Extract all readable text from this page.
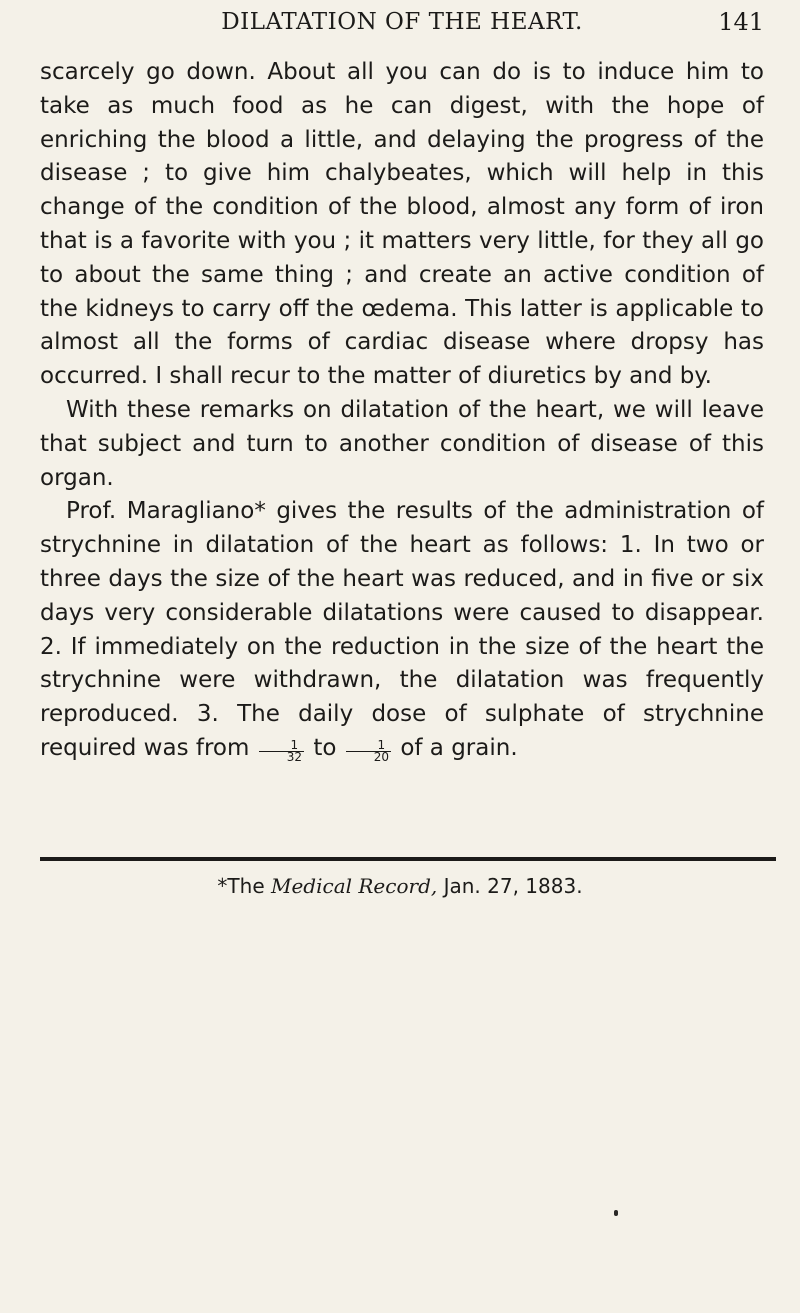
DILATATION OF THE HEART.	141

scarcely go down. About all you can do is to induce him to take as much food as he can digest, with the hope of enriching the blood a little, and delaying the progress of the disease ; to give him chalybeates, which will help in this change of the condition of the blood, almost any form of iron that is a favorite with you ; it matters very little, for they all go to about the same thing ; and create an active condition of the kidneys to carry off the œdema. This latter is applicable to almost all the forms of cardiac disease where dropsy has occurred. I shall recur to the matter of diuretics by and by.

With these remarks on dilatation of the heart, we will leave that subject and turn to another condition of disease of this organ.

Prof. Maragliano* gives the results of the administration of strychnine in dilatation of the heart as follows: 1. In two or three days the size of the heart was reduced, and in five or six days very considerable dilatations were caused to disappear. 2. If immediately on the reduction in the size of the heart the strychnine were withdrawn, the dilatation was frequently reproduced. 3. The daily dose of sulphate of strychnine required was from $\frac{1}{32}$ to $\frac{1}{20}$ of a grain.

*The Medical Record, Jan. 27, 1883.
